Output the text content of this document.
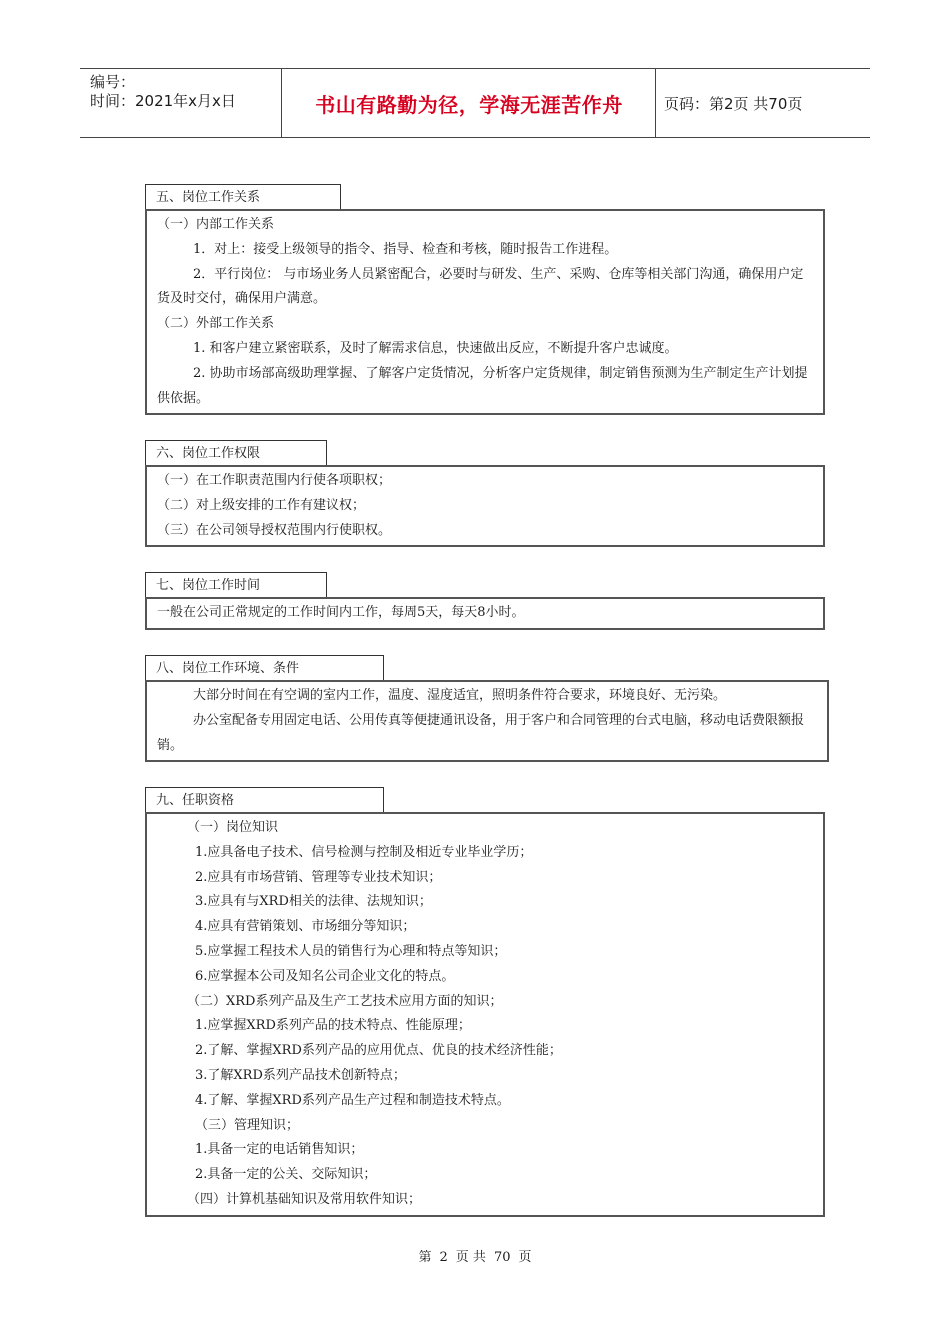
编号：
时间：2021年x月x日	书山有路勤为径，学海无涯苦作舟	页码：第2页 共70页
五、岗位工作关系

（一）内部工作关系

1．对上：接受上级领导的指令、指导、检查和考核，随时报告工作进程。

2．平行岗位： 与市场业务人员紧密配合，必要时与研发、生产、采购、仓库等相关部门沟通，确保用户定货及时交付，确保用户满意。

（二）外部工作关系

1. 和客户建立紧密联系，及时了解需求信息，快速做出反应，不断提升客户忠诚度。

2. 协助市场部高级助理掌握、了解客户定货情况，分析客户定货规律，制定销售预测为生产制定生产计划提供依据。

六、岗位工作权限

（一）在工作职责范围内行使各项职权；

（二）对上级安排的工作有建议权；

（三）在公司领导授权范围内行使职权。

七、岗位工作时间

一般在公司正常规定的工作时间内工作，每周5天，每天8小时。

八、岗位工作环境、条件

大部分时间在有空调的室内工作，温度、湿度适宜，照明条件符合要求，环境良好、无污染。

办公室配备专用固定电话、公用传真等便捷通讯设备，用于客户和合同管理的台式电脑，移动电话费限额报销。

九、任职资格

（一）岗位知识

1.应具备电子技术、信号检测与控制及相近专业毕业学历；

2.应具有市场营销、管理等专业技术知识；

3.应具有与XRD相关的法律、法规知识；

4.应具有营销策划、市场细分等知识；

5.应掌握工程技术人员的销售行为心理和特点等知识；

6.应掌握本公司及知名公司企业文化的特点。

（二）XRD系列产品及生产工艺技术应用方面的知识；

1.应掌握XRD系列产品的技术特点、性能原理；

2.了解、掌握XRD系列产品的应用优点、优良的技术经济性能；

3.了解XRD系列产品技术创新特点；

4.了解、掌握XRD系列产品生产过程和制造技术特点。

（三）管理知识；

1.具备一定的电话销售知识；

2.具备一定的公关、交际知识；

（四）计算机基础知识及常用软件知识；

第 2 页 共 70 页
